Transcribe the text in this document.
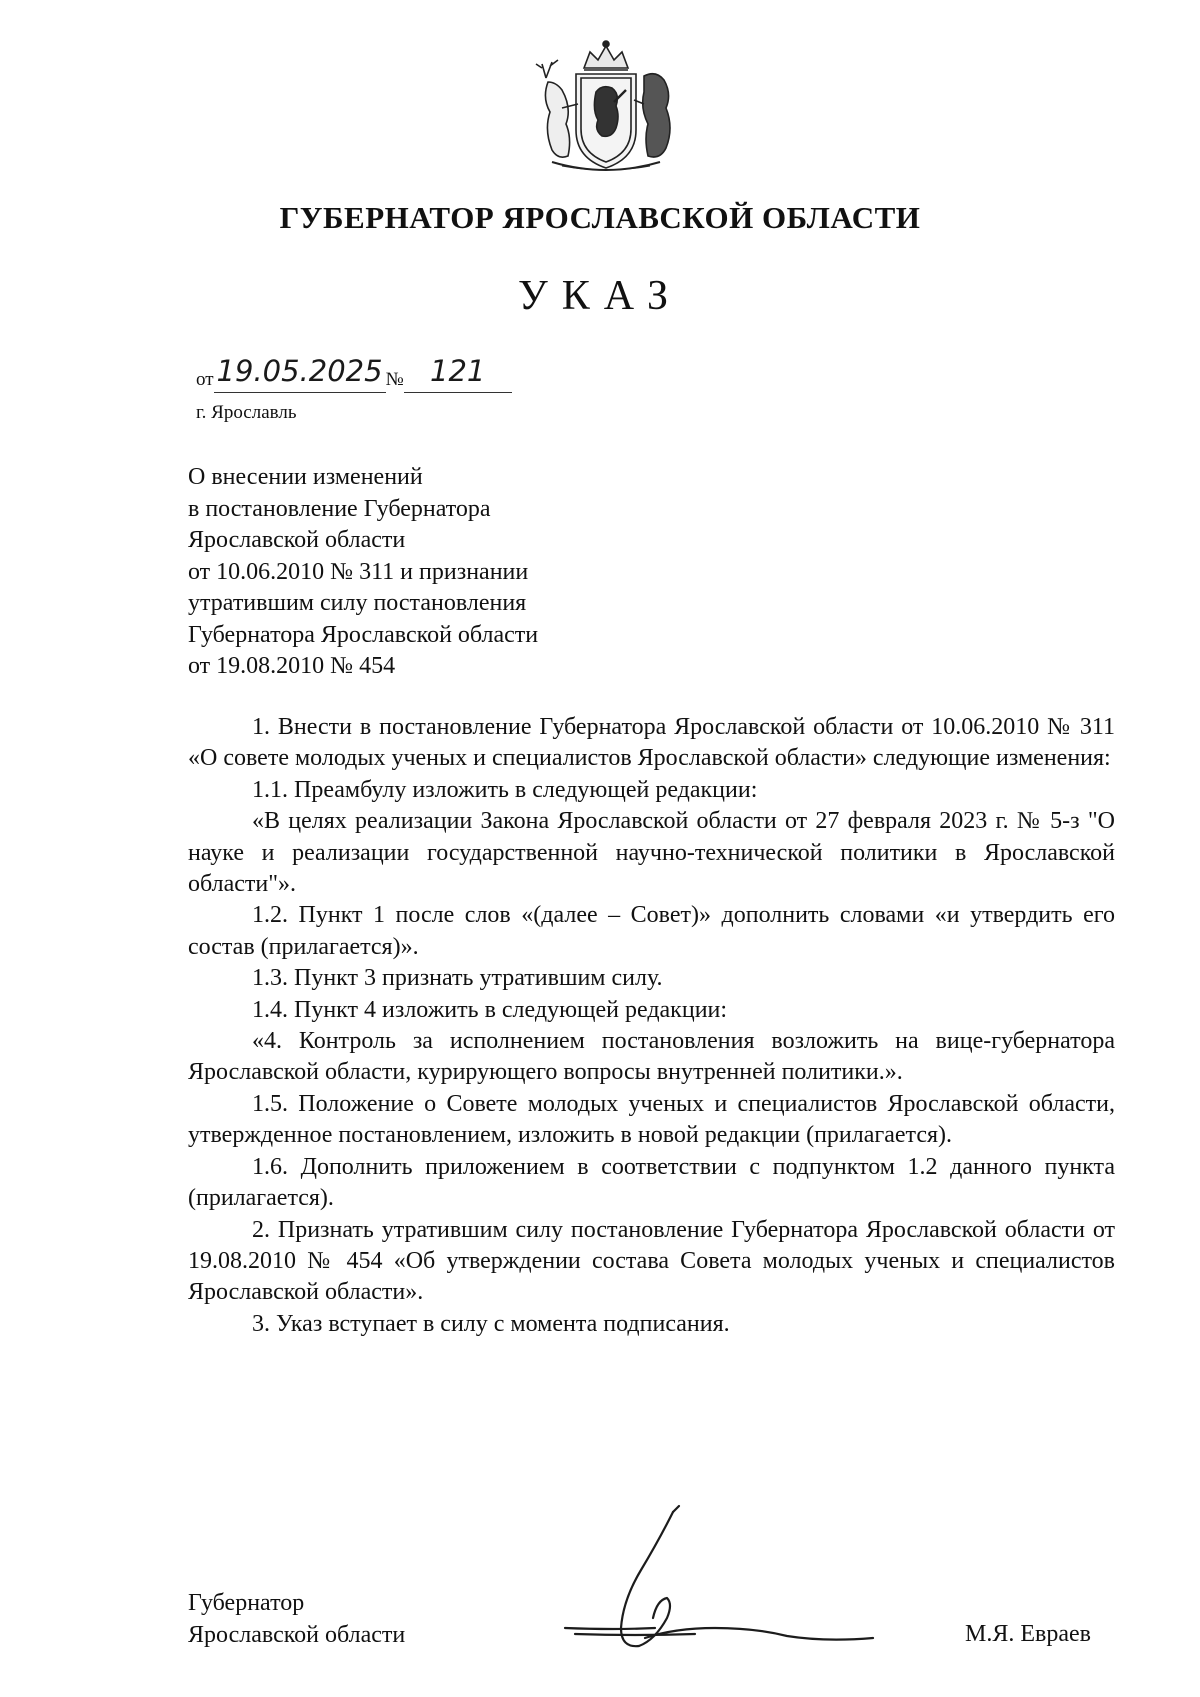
ГУБЕРНАТОР ЯРОСЛАВСКОЙ ОБЛАСТИ
УКАЗ
от 19.05.2025 № 121
г. Ярославль
О внесении изменений
в постановление Губернатора
Ярославской области
от 10.06.2010 № 311 и признании
утратившим силу постановления
Губернатора Ярославской области
от 19.08.2010 № 454

1. Внести в постановление Губернатора Ярославской области от 10.06.2010 № 311 «О совете молодых ученых и специалистов Ярославской области» следующие изменения:

1.1. Преамбулу изложить в следующей редакции:

«В целях реализации Закона Ярославской области от 27 февраля 2023 г. № 5-з "О науке и реализации государственной научно-технической политики в Ярославской области"».

1.2. Пункт 1 после слов «(далее – Совет)» дополнить словами «и утвердить его состав (прилагается)».

1.3. Пункт 3 признать утратившим силу.

1.4. Пункт 4 изложить в следующей редакции:

«4. Контроль за исполнением постановления возложить на вице-губернатора Ярославской области, курирующего вопросы внутренней политики.».

1.5. Положение о Совете молодых ученых и специалистов Ярославской области, утвержденное постановлением, изложить в новой редакции (прилагается).

1.6. Дополнить приложением в соответствии с подпунктом 1.2 данного пункта (прилагается).

2. Признать утратившим силу постановление Губернатора Ярославской области от 19.08.2010 № 454 «Об утверждении состава Совета молодых ученых и специалистов Ярославской области».

3. Указ вступает в силу с момента подписания.

Губернатор
Ярославской области	М.Я. Евраев
